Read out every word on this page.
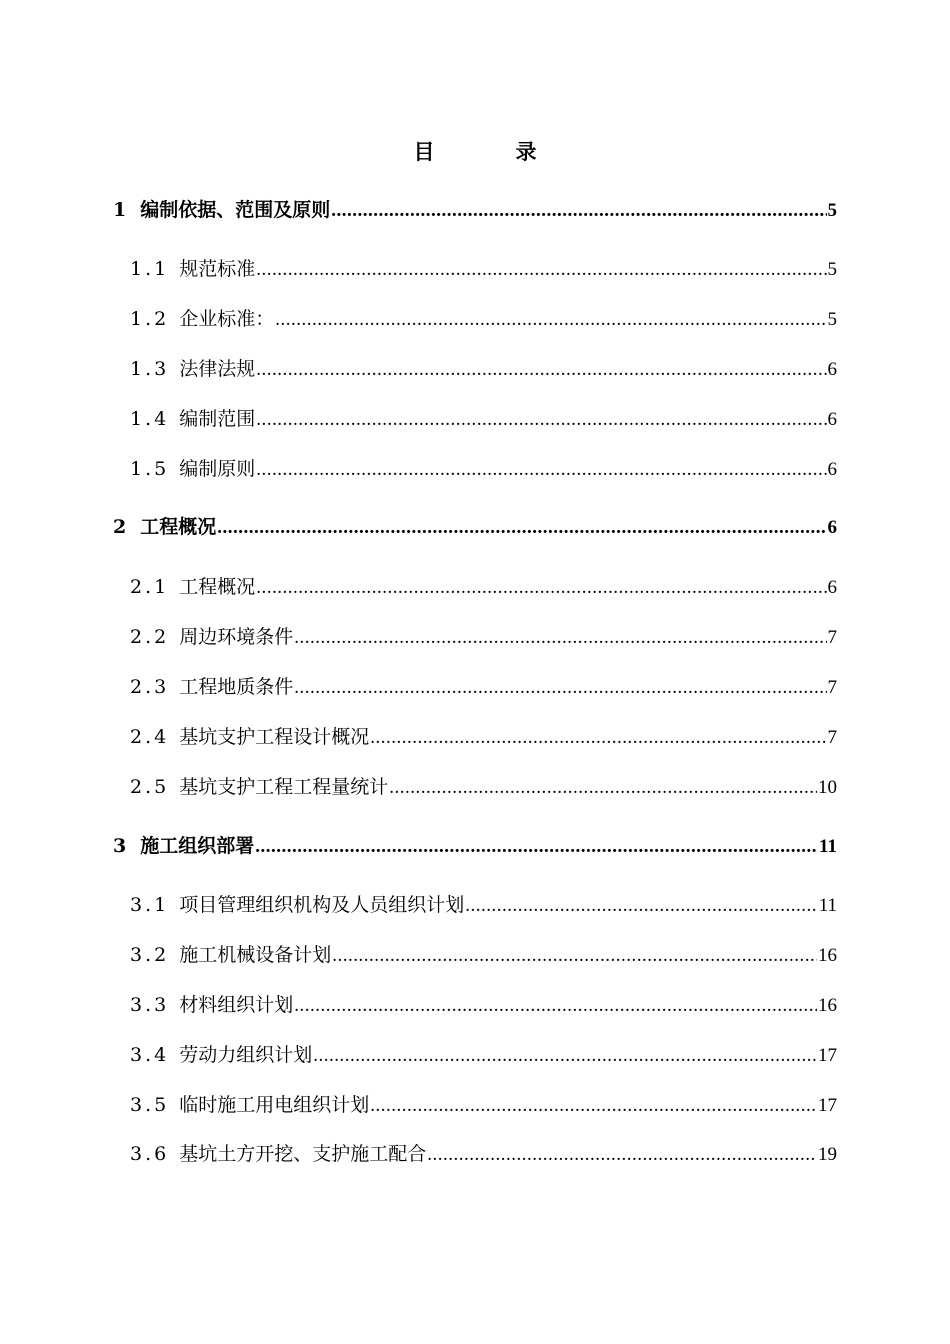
目　录
1 编制依据、范围及原则 .....	5
1.1 规范标准 .....	5
1.2 企业标准： .....	5
1.3 法律法规 .....	6
1.4 编制范围 .....	6
1.5 编制原则 .....	6
2 工程概况 .....	6
2.1 工程概况 .....	6
2.2 周边环境条件 .....	7
2.3 工程地质条件 .....	7
2.4 基坑支护工程设计概况 .....	7
2.5 基坑支护工程工程量统计 .....	10
3 施工组织部署 .....	11
3.1 项目管理组织机构及人员组织计划 .....	11
3.2 施工机械设备计划 .....	16
3.3 材料组织计划 .....	16
3.4 劳动力组织计划 .....	17
3.5 临时施工用电组织计划 .....	17
3.6 基坑土方开挖、支护施工配合 .....	19
